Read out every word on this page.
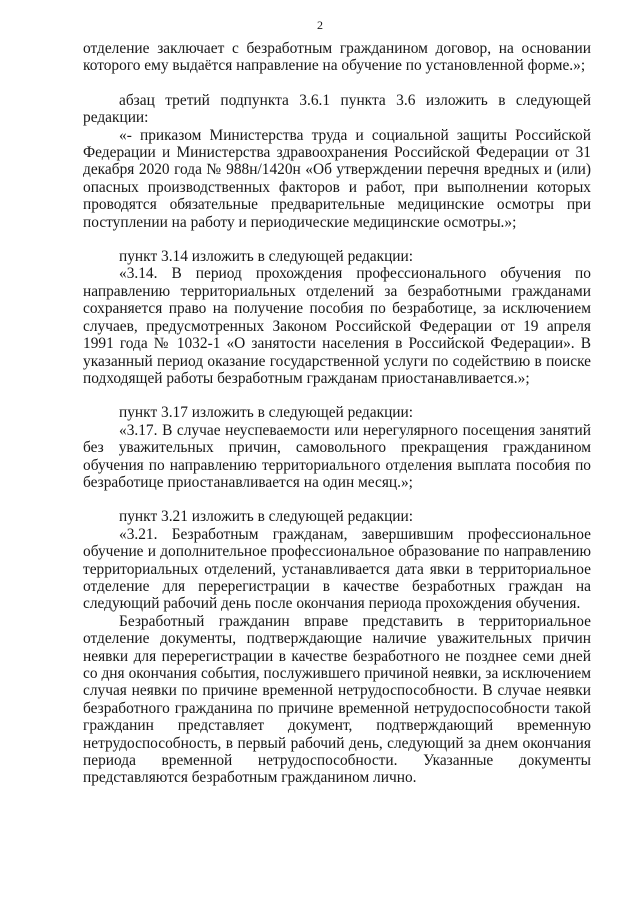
2

отделение заключает с безработным гражданином договор, на основании которого ему выдаётся направление на обучение по установленной форме.»;

абзац третий подпункта 3.6.1 пункта 3.6 изложить в следующей редакции:

«- приказом Министерства труда и социальной защиты Российской Федерации и Министерства здравоохранения Российской Федерации от 31 декабря 2020 года № 988н/1420н «Об утверждении перечня вредных и (или) опасных производственных факторов и работ, при выполнении которых проводятся обязательные предварительные медицинские осмотры при поступлении на работу и периодические медицинские осмотры.»;

пункт 3.14 изложить в следующей редакции:

«3.14. В период прохождения профессионального обучения по направлению территориальных отделений за безработными гражданами сохраняется право на получение пособия по безработице, за исключением случаев, предусмотренных Законом Российской Федерации от 19 апреля 1991 года № 1032-1 «О занятости населения в Российской Федерации». В указанный период оказание государственной услуги по содействию в поиске подходящей работы безработным гражданам приостанавливается.»;

пункт 3.17 изложить в следующей редакции:

«3.17. В случае неуспеваемости или нерегулярного посещения занятий без уважительных причин, самовольного прекращения гражданином обучения по направлению территориального отделения выплата пособия по безработице приостанавливается на один месяц.»;

пункт 3.21 изложить в следующей редакции:

«3.21. Безработным гражданам, завершившим профессиональное обучение и дополнительное профессиональное образование по направлению территориальных отделений, устанавливается дата явки в территориальное отделение для перерегистрации в качестве безработных граждан на следующий рабочий день после окончания периода прохождения обучения.

Безработный гражданин вправе представить в территориальное отделение документы, подтверждающие наличие уважительных причин неявки для перерегистрации в качестве безработного не позднее семи дней со дня окончания события, послужившего причиной неявки, за исключением случая неявки по причине временной нетрудоспособности. В случае неявки безработного гражданина по причине временной нетрудоспособности такой гражданин представляет документ, подтверждающий временную нетрудоспособность, в первый рабочий день, следующий за днем окончания периода временной нетрудоспособности. Указанные документы представляются безработным гражданином лично.
